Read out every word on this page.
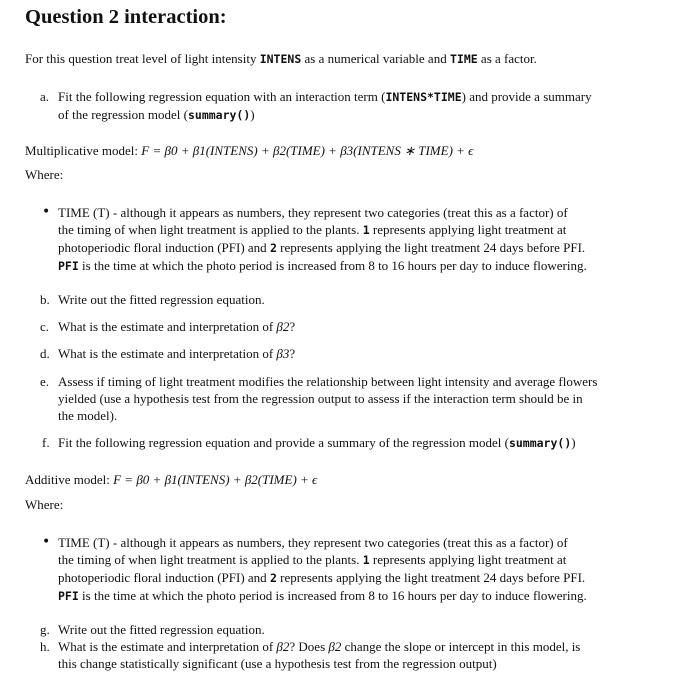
Question 2 interaction:

For this question treat level of light intensity INTENS as a numerical variable and TIME as a factor.

a. Fit the following regression equation with an interaction term (INTENS*TIME) and provide a summary
of the regression model (summary())

Multiplicative model: F = β0 + β1(INTENS) + β2(TIME) + β3(INTENS ∗ TIME) + ϵ

Where:

• TIME (T) - although it appears as numbers, they represent two categories (treat this as a factor) of
the timing of when light treatment is applied to the plants. 1 represents applying light treatment at
photoperiodic floral induction (PFI) and 2 represents applying the light treatment 24 days before PFI.
PFI is the time at which the photo period is increased from 8 to 16 hours per day to induce flowering.

b. Write out the fitted regression equation.

c. What is the estimate and interpretation of β2?

d. What is the estimate and interpretation of β3?

e. Assess if timing of light treatment modifies the relationship between light intensity and average flowers
yielded (use a hypothesis test from the regression output to assess if the interaction term should be in
the model).

f. Fit the following regression equation and provide a summary of the regression model (summary())

Additive model: F = β0 + β1(INTENS) + β2(TIME) + ϵ

Where:

• TIME (T) - although it appears as numbers, they represent two categories (treat this as a factor) of
the timing of when light treatment is applied to the plants. 1 represents applying light treatment at
photoperiodic floral induction (PFI) and 2 represents applying the light treatment 24 days before PFI.
PFI is the time at which the photo period is increased from 8 to 16 hours per day to induce flowering.

g. Write out the fitted regression equation.

h. What is the estimate and interpretation of β2? Does β2 change the slope or intercept in this model, is
this change statistically significant (use a hypothesis test from the regression output)
